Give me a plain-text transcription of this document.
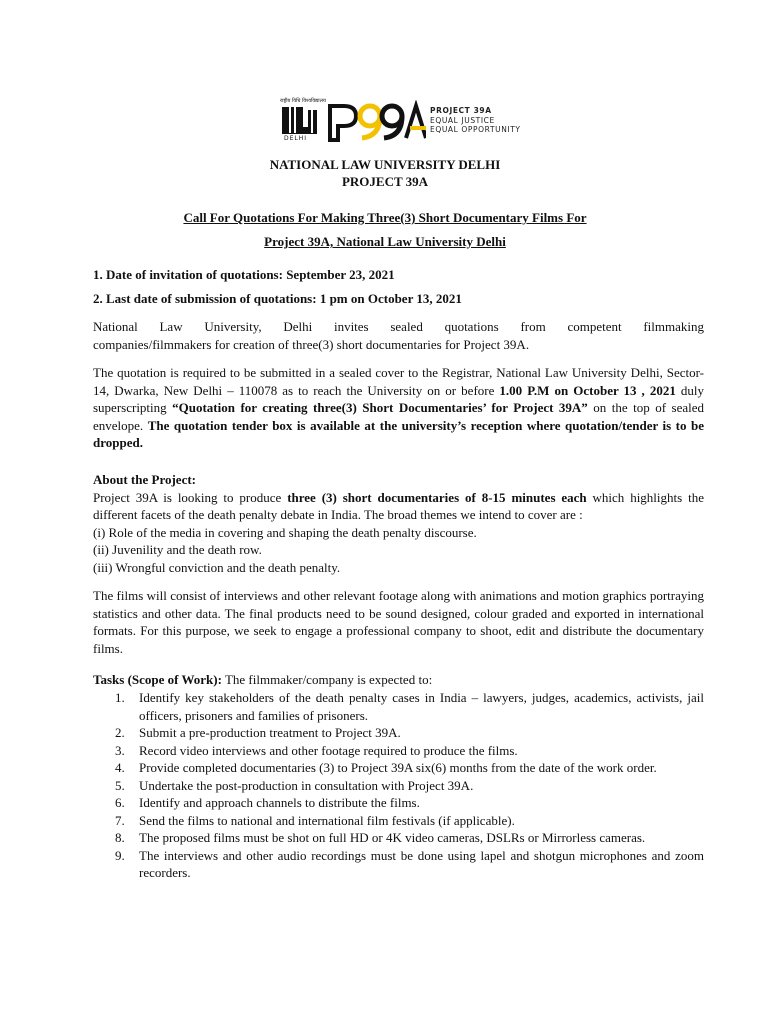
राष्ट्रीय विधि विश्वविद्यालय
DELHI
PROJECT 39A
EQUAL JUSTICE
EQUAL OPPORTUNITY
NATIONAL LAW UNIVERSITY DELHI
PROJECT 39A
Call For Quotations For Making Three(3) Short Documentary Films For
Project 39A, National Law University Delhi
1. Date of invitation of quotations: September 23, 2021
2. Last date of submission of quotations: 1 pm on October 13, 2021
National Law University, Delhi invites sealed quotations from competent filmmaking
companies/filmmakers for creation of three(3) short documentaries for Project 39A.
The quotation is required to be submitted in a sealed cover to the Registrar, National Law University Delhi, Sector- 14, Dwarka, New Delhi – 110078 as to reach the University on or before 1.00 P.M on October 13 , 2021 duly superscripting “Quotation for creating three(3) Short Documentaries’ for Project 39A” on the top of sealed envelope. The quotation tender box is available at the university’s reception where quotation/tender is to be dropped.
About the Project:
Project 39A is looking to produce three (3) short documentaries of 8-15 minutes each which highlights the different facets of the death penalty debate in India. The broad themes we intend to cover are :
(i) Role of the media in covering and shaping the death penalty discourse.
(ii) Juvenility and the death row.
(iii) Wrongful conviction and the death penalty.
The films will consist of interviews and other relevant footage along with animations and motion graphics portraying statistics and other data. The final products need to be sound designed, colour graded and exported in international formats. For this purpose, we seek to engage a professional company to shoot, edit and distribute the documentary films.
Tasks (Scope of Work): The filmmaker/company is expected to:
1. Identify key stakeholders of the death penalty cases in India – lawyers, judges, academics, activists, jail officers, prisoners and families of prisoners.
2. Submit a pre-production treatment to Project 39A.
3. Record video interviews and other footage required to produce the films.
4. Provide completed documentaries (3) to Project 39A six(6) months from the date of the work order.
5. Undertake the post-production in consultation with Project 39A.
6. Identify and approach channels to distribute the films.
7. Send the films to national and international film festivals (if applicable).
8. The proposed films must be shot on full HD or 4K video cameras, DSLRs or Mirrorless cameras.
9. The interviews and other audio recordings must be done using lapel and shotgun microphones and zoom recorders.
